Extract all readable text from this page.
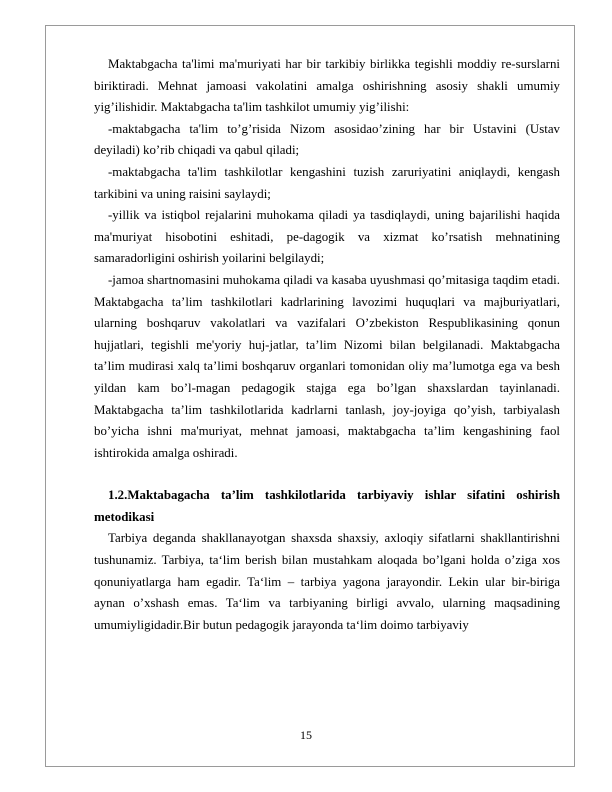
Maktabgacha ta'limi ma'muriyati har bir tarkibiy birlikka tegishli moddiy re-surslarni biriktiradi. Mehnat jamoasi vakolatini amalga oshirishning asosiy shakli umumiy yig’ilishidir. Maktabgacha ta'lim tashkilot umumiy yig’ilishi:

-maktabgacha ta'lim to’g’risida Nizom asosidao’zining har bir Ustavini (Ustav deyiladi) ko’rib chiqadi va qabul qiladi;

-maktabgacha ta'lim tashkilotlar kengashini tuzish zaruriyatini aniqlaydi, kengash tarkibini va uning raisini saylaydi;

-yillik va istiqbol rejalarini muhokama qiladi ya tasdiqlaydi, uning bajarilishi haqida ma'muriyat hisobotini eshitadi, pe-dagogik va xizmat ko’rsatish mehnatining samaradorligini oshirish yoilarini belgilaydi;

-jamoa shartnomasini muhokama qiladi va kasaba uyushmasi qo’mitasiga taqdim etadi. Maktabgacha ta’lim tashkilotlari kadrlarining lavozimi huquqlari va majburiyatlari, ularning boshqaruv vakolatlari va vazifalari O’zbekiston Respublikasining qonun hujjatlari, tegishli me'yoriy huj-jatlar, ta’lim Nizomi bilan belgilanadi. Maktabgacha ta’lim mudirasi xalq ta’limi boshqaruv organlari tomonidan oliy ma’lumotga ega va besh yildan kam bo’l-magan pedagogik stajga ega bo’lgan shaxslardan tayinlanadi. Maktabgacha ta’lim tashkilotlarida kadrlarni tanlash, joy-joyiga qo’yish, tarbiyalash bo’yicha ishni ma'muriyat, mehnat jamoasi, maktabgacha ta’lim kengashining faol ishtirokida amalga oshiradi.

1.2.Maktabagacha ta’lim tashkilotlarida tarbiyaviy ishlar sifatini oshirish metodikasi

Tarbiya deganda shakllanayotgan shaxsda shaxsiy, axloqiy sifatlarni shakllantirishni tushunamiz. Tarbiya, ta‘lim berish bilan mustahkam aloqada bo’lgani holda o’ziga xos qonuniyatlarga ham egadir. Ta‘lim – tarbiya yagona jarayondir. Lekin ular bir-biriga aynan o’xshash emas. Ta‘lim va tarbiyaning birligi avvalo, ularning maqsadining umumiyligidadir.Bir butun pedagogik jarayonda ta‘lim doimo tarbiyaviy

15
